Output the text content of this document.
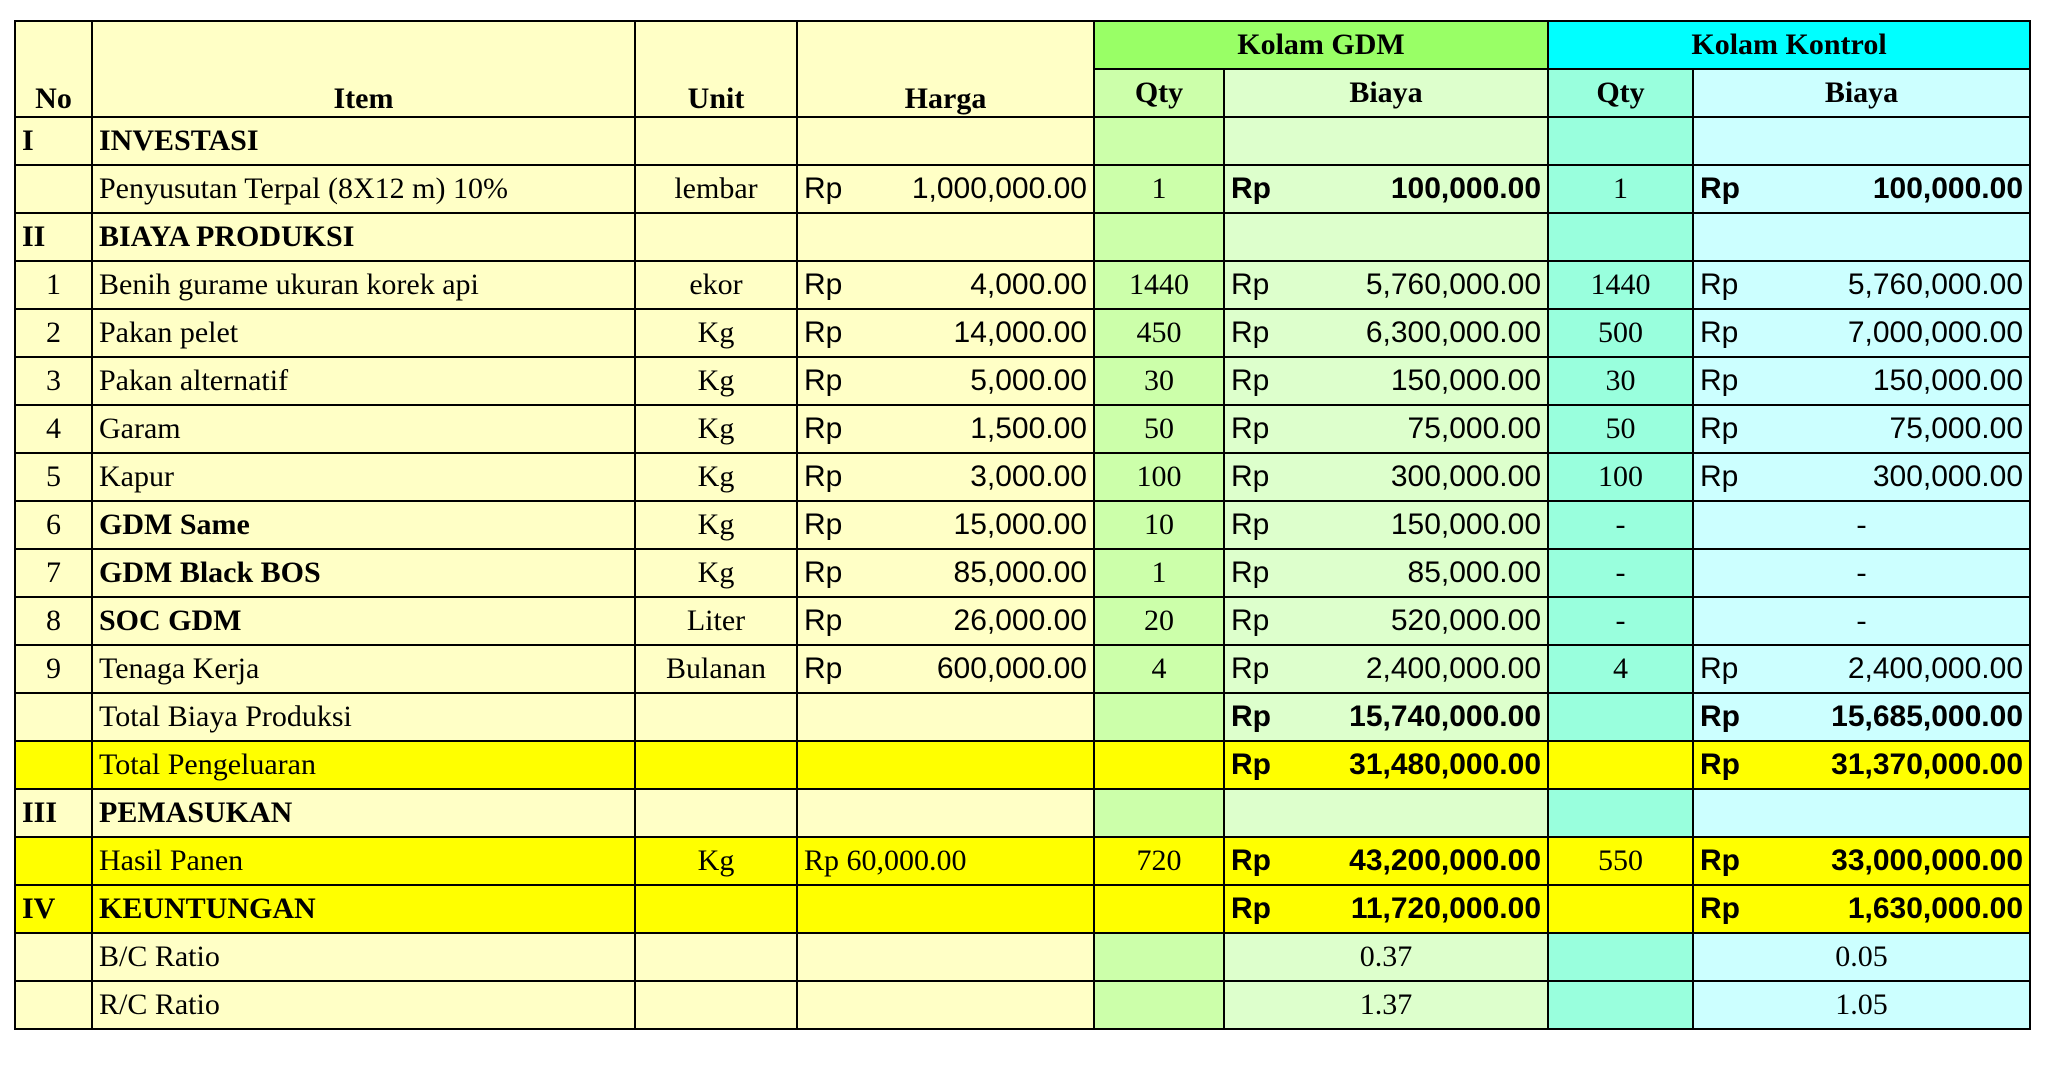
No	Item	Unit	Harga	Kolam GDM		Kolam Kontrol	
				Qty	Biaya	Qty	Biaya
I	INVESTASI						
	Penyusutan Terpal (8X12 m) 10%	lembar	Rp 1,000,000.00	1	Rp 100,000.00	1	Rp 100,000.00

II	BIAYA PRODUKSI						
1	Benih gurame ukuran korek api	ekor	Rp 4,000.00	1440	Rp 5,760,000.00	1440	Rp 5,760,000.00

2	Pakan pelet	Kg	Rp 14,000.00	450	Rp 6,300,000.00	500	Rp 7,000,000.00

3	Pakan alternatif	Kg	Rp 5,000.00	30	Rp 150,000.00	30	Rp 150,000.00

4	Garam	Kg	Rp 1,500.00	50	Rp 75,000.00	50	Rp 75,000.00

5	Kapur	Kg	Rp 3,000.00	100	Rp 300,000.00	100	Rp 300,000.00

6	GDM Same	Kg	Rp 15,000.00	10	Rp 150,000.00	-	-
7	GDM Black BOS	Kg	Rp 85,000.00	1	Rp 85,000.00	-	-
8	SOC GDM	Liter	Rp 26,000.00	20	Rp 520,000.00	-	-
9	Tenaga Kerja	Bulanan	Rp 600,000.00	4	Rp 2,400,000.00	4	Rp 2,400,000.00

	Total Biaya Produksi				Rp 15,740,000.00		Rp 15,685,000.00

	Total Pengeluaran				Rp 31,480,000.00		Rp 31,370,000.00

III	PEMASUKAN						
	Hasil Panen	Kg	Rp 60,000.00	720	Rp 43,200,000.00	550	Rp 33,000,000.00

IV	KEUNTUNGAN				Rp 11,720,000.00		Rp 1,630,000.00

	B/C Ratio				0.37		0.05
	R/C Ratio				1.37		1.05
